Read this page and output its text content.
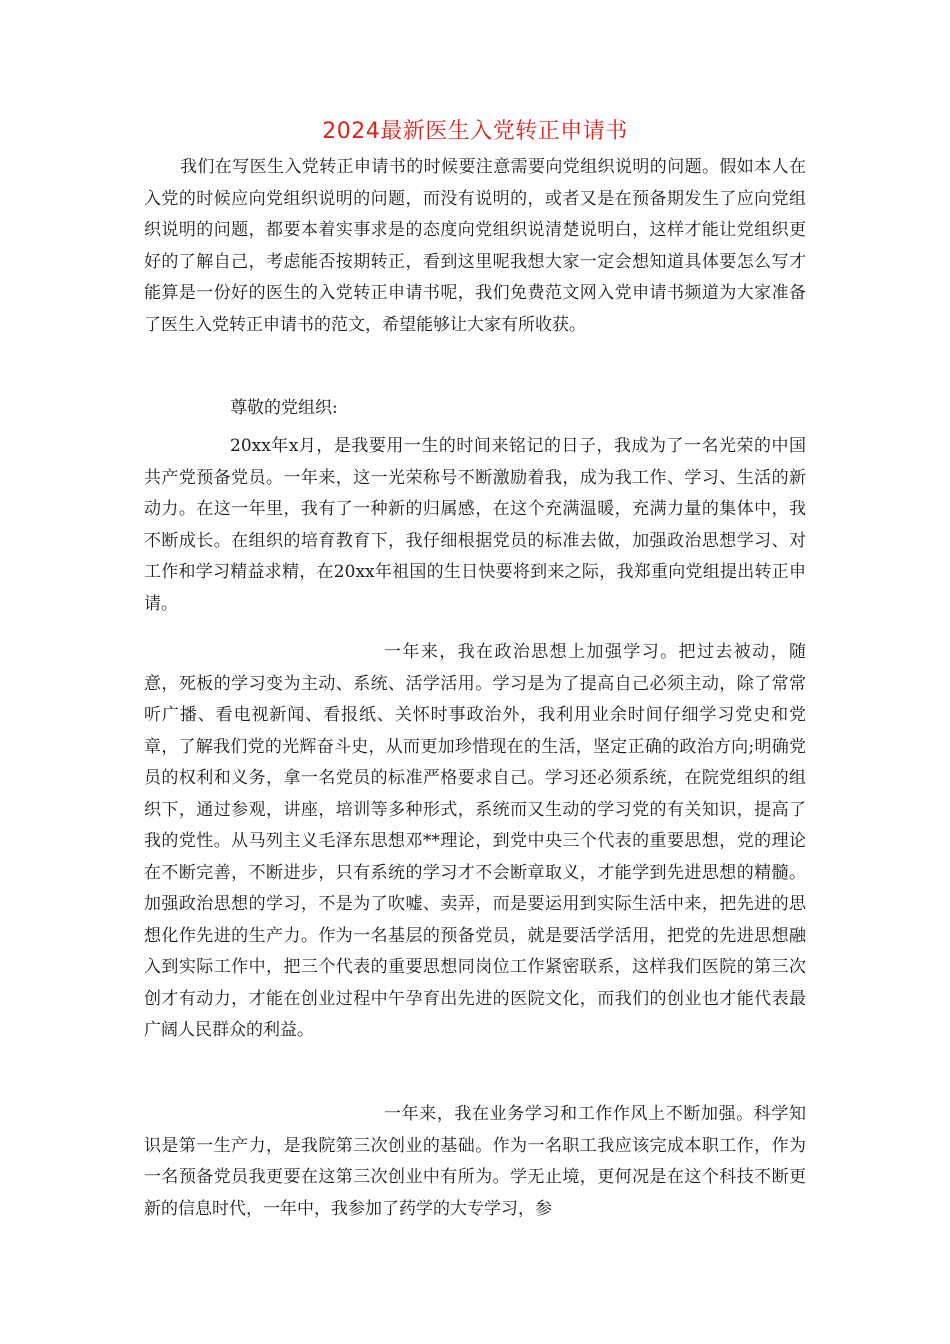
2024最新医生入党转正申请书

我们在写医生入党转正申请书的时候要注意需要向党组织说明的问题。假如本人在入党的时候应向党组织说明的问题，而没有说明的，或者又是在预备期发生了应向党组织说明的问题，都要本着实事求是的态度向党组织说清楚说明白，这样才能让党组织更好的了解自己，考虑能否按期转正，看到这里呢我想大家一定会想知道具体要怎么写才能算是一份好的医生的入党转正申请书呢，我们免费范文网入党申请书频道为大家准备了医生入党转正申请书的范文，希望能够让大家有所收获。

尊敬的党组织:

20xx年x月，是我要用一生的时间来铭记的日子，我成为了一名光荣的中国共产党预备党员。一年来，这一光荣称号不断激励着我，成为我工作、学习、生活的新动力。在这一年里，我有了一种新的归属感，在这个充满温暖，充满力量的集体中，我不断成长。在组织的培育教育下，我仔细根据党员的标准去做，加强政治思想学习、对工作和学习精益求精，在20xx年祖国的生日快要将到来之际，我郑重向党组提出转正申请。

一年来，我在政治思想上加强学习。把过去被动，随意，死板的学习变为主动、系统、活学活用。学习是为了提高自己必须主动，除了常常听广播、看电视新闻、看报纸、关怀时事政治外，我利用业余时间仔细学习党史和党章，了解我们党的光辉奋斗史，从而更加珍惜现在的生活，坚定正确的政治方向;明确党员的权利和义务，拿一名党员的标准严格要求自己。学习还必须系统，在院党组织的组织下，通过参观，讲座，培训等多种形式，系统而又生动的学习党的有关知识，提高了我的党性。从马列主义毛泽东思想邓**理论，到党中央三个代表的重要思想，党的理论在不断完善，不断进步，只有系统的学习才不会断章取义，才能学到先进思想的精髓。加强政治思想的学习，不是为了吹嘘、卖弄，而是要运用到实际生活中来，把先进的思想化作先进的生产力。作为一名基层的预备党员，就是要活学活用，把党的先进思想融入到实际工作中，把三个代表的重要思想同岗位工作紧密联系，这样我们医院的第三次创才有动力，才能在创业过程中午孕育出先进的医院文化，而我们的创业也才能代表最广阔人民群众的利益。

一年来，我在业务学习和工作作风上不断加强。科学知识是第一生产力，是我院第三次创业的基础。作为一名职工我应该完成本职工作，作为一名预备党员我更要在这第三次创业中有所为。学无止境，更何况是在这个科技不断更新的信息时代，一年中，我参加了药学的大专学习，参
